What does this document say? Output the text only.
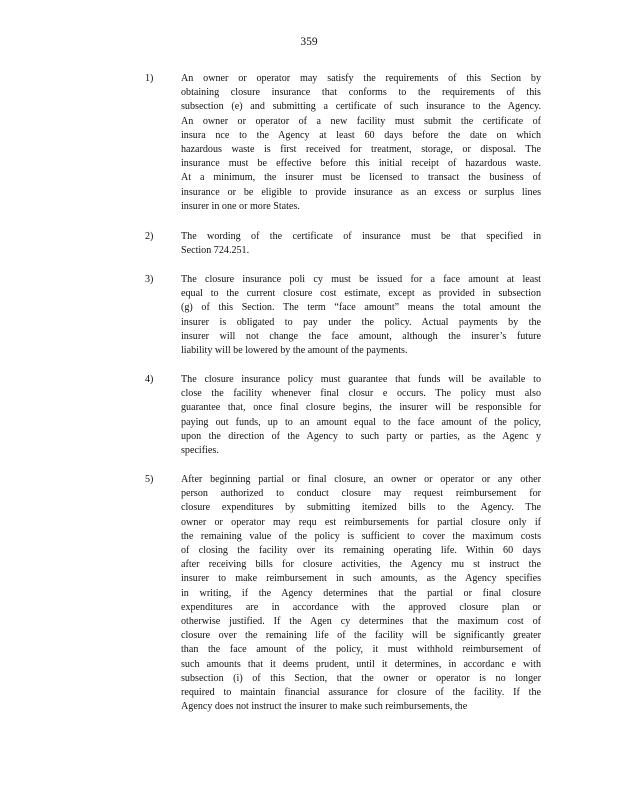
359
1)	An owner or operator may satisfy the requirements of this Section by
obtaining closure insurance that conforms to the requirements of this
subsection (e) and submitting a certificate of such insurance to the Agency.
An owner or operator of a new facility must submit the certificate of
insura nce to the Agency at least 60 days before the date on which
hazardous waste is first received for treatment, storage, or disposal. The
insurance must be effective before this initial receipt of hazardous waste.
At a minimum, the insurer must be licensed to transact the business of
insurance or be eligible to provide insurance as an excess or surplus lines
insurer in one or more States.
2)	The wording of the certificate of insurance must be that specified in
Section 724.251.
3)	The closure insurance poli cy must be issued for a face amount at least
equal to the current closure cost estimate, except as provided in subsection
(g) of this Section. The term “face amount” means the total amount the
insurer is obligated to pay under the policy. Actual payments by the
insurer will not change the face amount, although the insurer’s future
liability will be lowered by the amount of the payments.
4)	The closure insurance policy must guarantee that funds will be available to
close the facility whenever final closur e occurs. The policy must also
guarantee that, once final closure begins, the insurer will be responsible for
paying out funds, up to an amount equal to the face amount of the policy,
upon the direction of the Agency to such party or parties, as the Agenc y
specifies.
5)	After beginning partial or final closure, an owner or operator or any other
person authorized to conduct closure may request reimbursement for
closure expenditures by submitting itemized bills to the Agency. The
owner or operator may requ est reimbursements for partial closure only if
the remaining value of the policy is sufficient to cover the maximum costs
of closing the facility over its remaining operating life. Within 60 days
after receiving bills for closure activities, the Agency mu st instruct the
insurer to make reimbursement in such amounts, as the Agency specifies
in writing, if the Agency determines that the partial or final closure
expenditures are in accordance with the approved closure plan or
otherwise justified. If the Agen cy determines that the maximum cost of
closure over the remaining life of the facility will be significantly greater
than the face amount of the policy, it must withhold reimbursement of
such amounts that it deems prudent, until it determines, in accordanc e with
subsection (i) of this Section, that the owner or operator is no longer
required to maintain financial assurance for closure of the facility. If the
Agency does not instruct the insurer to make such reimbursements, the
